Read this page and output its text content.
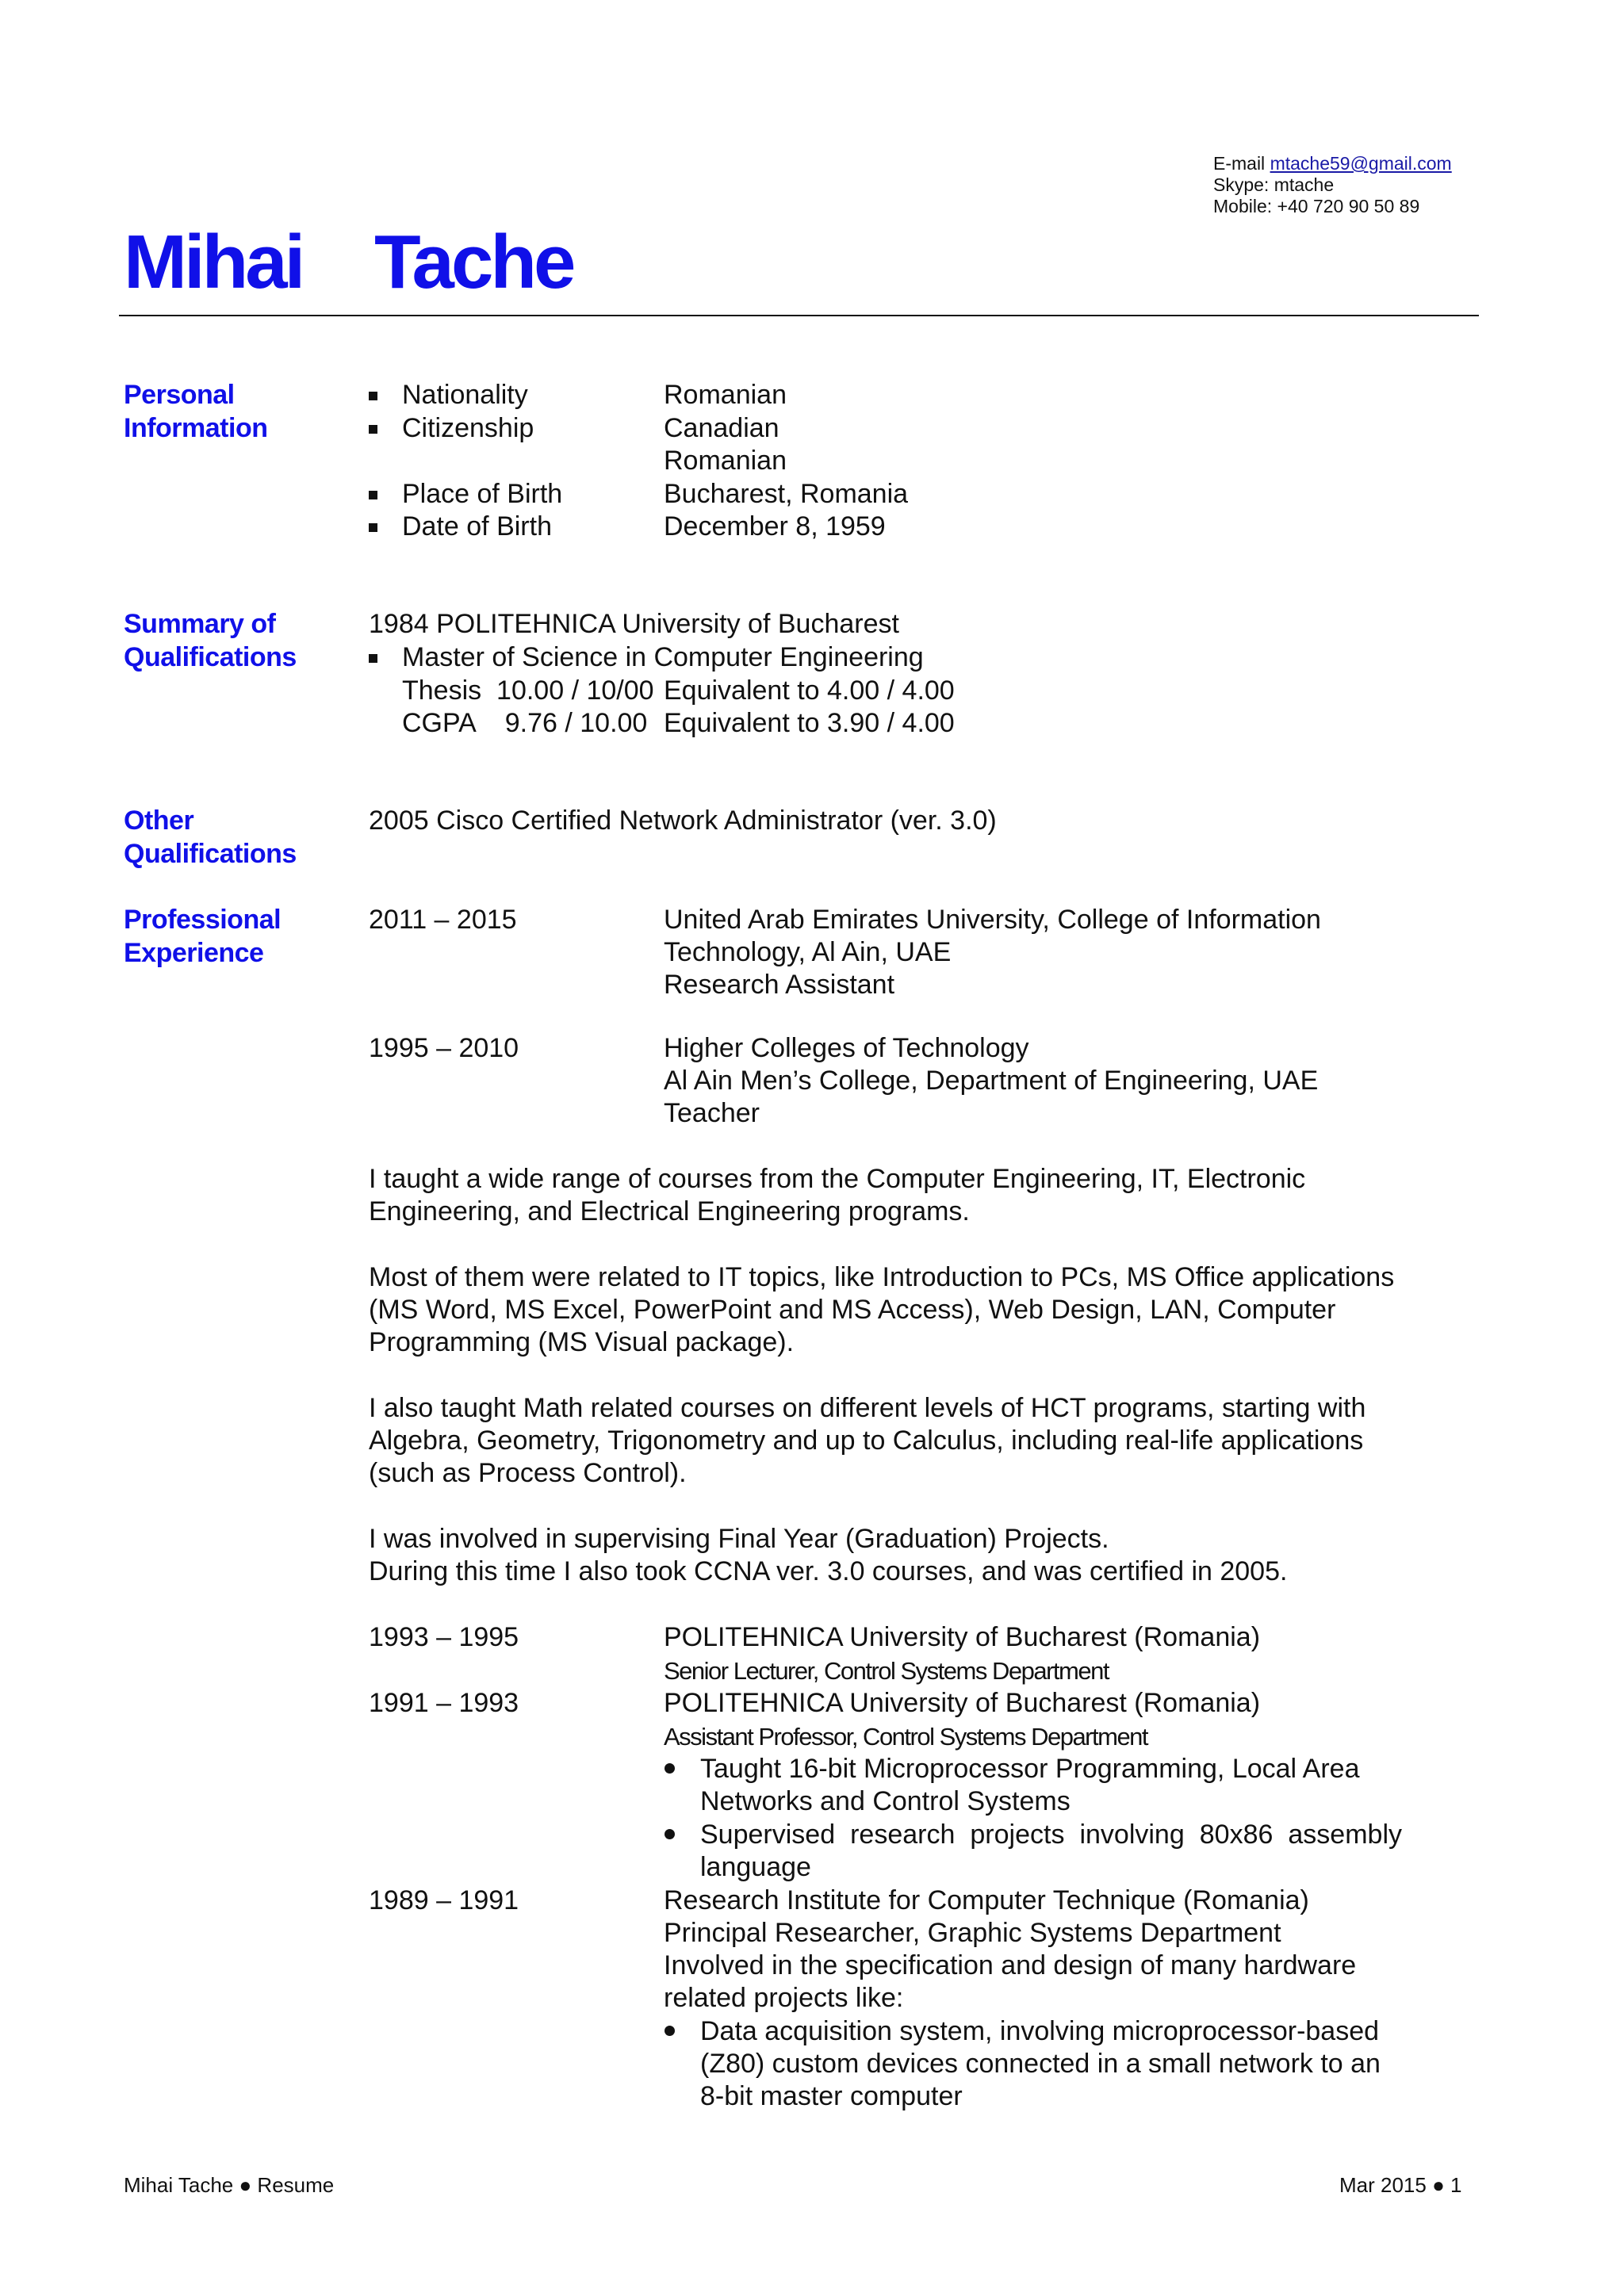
E-mail mtache59@gmail.com
Skype: mtache
Mobile: +40 720 90 50 89
Mihai    Tache
Personal
Information
Nationality	Romanian
Citizenship	Canadian
Romanian
Place of Birth	Bucharest, Romania
Date of Birth	December 8, 1959
Summary of
Qualifications
1984 POLITEHNICA University of Bucharest
Master of Science in Computer Engineering
Thesis  10.00 / 10/00 Equivalent to 4.00 / 4.00
CGPA    9.76 / 10.00 Equivalent to 3.90 / 4.00
Other
Qualifications
2005 Cisco Certified Network Administrator (ver. 3.0)
Professional
Experience
2011 – 2015	United Arab Emirates University, College of Information
Technology, Al Ain, UAE
Research Assistant
1995 – 2010	Higher Colleges of Technology
Al Ain Men’s College, Department of Engineering, UAE
Teacher
I taught a wide range of courses from the Computer Engineering, IT, Electronic
Engineering, and Electrical Engineering programs.
Most of them were related to IT topics, like Introduction to PCs, MS Office applications
(MS Word, MS Excel, PowerPoint and MS Access), Web Design, LAN, Computer
Programming (MS Visual package).
I also taught Math related courses on different levels of HCT programs, starting with
Algebra, Geometry, Trigonometry and up to Calculus, including real-life applications
(such as Process Control).
I was involved in supervising Final Year (Graduation) Projects.
During this time I also took CCNA ver. 3.0 courses, and was certified in 2005.
1993 – 1995	POLITEHNICA University of Bucharest (Romania)
Senior Lecturer, Control Systems Department
1991 – 1993	POLITEHNICA University of Bucharest (Romania)
Assistant Professor, Control Systems Department
Taught 16-bit Microprocessor Programming, Local Area
Networks and Control Systems
Supervised research projects involving 80x86 assembly
language
1989 – 1991	Research Institute for Computer Technique (Romania)
Principal Researcher, Graphic Systems Department
Involved in the specification and design of many hardware
related projects like:
Data acquisition system, involving microprocessor-based
(Z80) custom devices connected in a small network to an
8-bit master computer
Mihai Tache ● Resume	Mar 2015 ● 1
